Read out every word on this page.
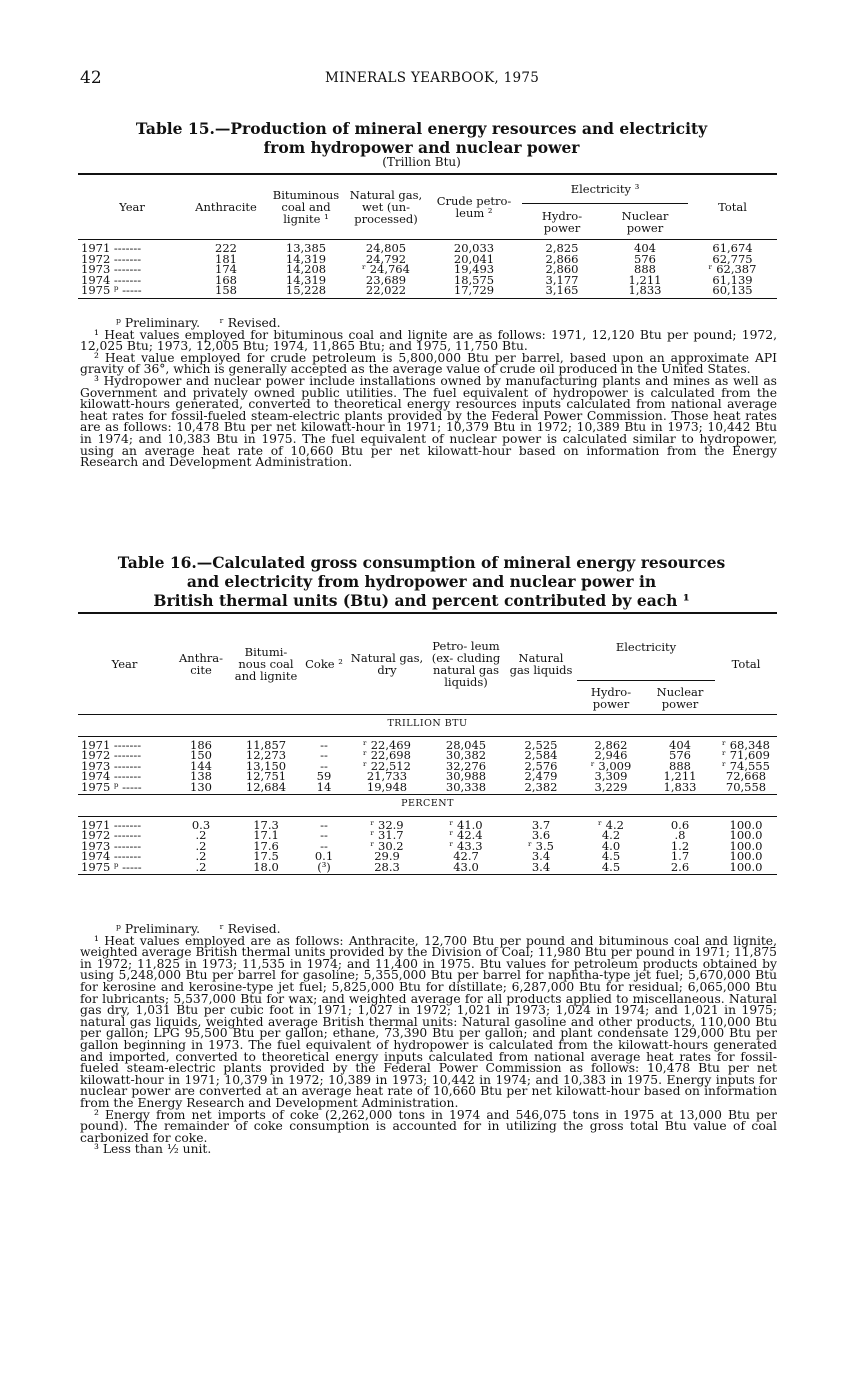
42	MINERALS YEARBOOK, 1975
Table 15.—Production of mineral energy resources and electricity
from hydropower and nuclear power
(Trillion Btu)
Year	Anthracite	Bituminous coal and lignite ¹	Natural gas, wet (un- processed)	Crude petro- leum ²	Electricity ³		Total
					Hydro- power	Nuclear power	
1971 -------	222	13,385	24,805	20,033	2,825	404	61,674
1972 -------	181	14,319	24,792	20,041	2,866	576	62,775
1973 -------	174	14,208	ʳ 24,764	19,493	2,860	888	ʳ 62,387
1974 -------	168	14,319	23,689	18,575	3,177	1,211	61,139
1975 ᵖ -----	158	15,228	22,022	17,729	3,165	1,833	60,135

ᵖ Preliminary.     ʳ Revised.

¹ Heat values employed for bituminous coal and lignite are as follows: 1971, 12,120 Btu per pound; 1972, 12,025 Btu; 1973, 12,005 Btu; 1974, 11,865 Btu; and 1975, 11,750 Btu.

² Heat value employed for crude petroleum is 5,800,000 Btu per barrel, based upon an approximate API gravity of 36°, which is generally accepted as the average value of crude oil produced in the United States.

³ Hydropower and nuclear power include installations owned by manufacturing plants and mines as well as Government and privately owned public utilities. The fuel equivalent of hydropower is calculated from the kilowatt-hours generated, converted to theoretical energy resources inputs calculated from national average heat rates for fossil-fueled steam-electric plants provided by the Federal Power Commission. Those heat rates are as follows: 10,478 Btu per net kilowatt-hour in 1971; 10,379 Btu in 1972; 10,389 Btu in 1973; 10,442 Btu in 1974; and 10,383 Btu in 1975. The fuel equivalent of nuclear power is calculated similar to hydropower, using an average heat rate of 10,660 Btu per net kilowatt-hour based on information from the Energy Research and Development Administration.

Table 16.—Calculated gross consumption of mineral energy resources
and electricity from hydropower and nuclear power in
British thermal units (Btu) and percent contributed by each ¹
Year	Anthra- cite	Bitumi- nous coal and lignite	Coke ²	Natural gas, dry	Petro- leum (ex- cluding natural gas liquids)	Natural gas liquids	Electricity		Total
							Hydro- power	Nuclear power	
TRILLION BTU									
1971 -------	186	11,857	--	ʳ 22,469	28,045	2,525	2,862	404	ʳ 68,348
1972 -------	150	12,273	--	ʳ 22,698	30,382	2,584	2,946	576	ʳ 71,609
1973 -------	144	13,150	--	ʳ 22,512	32,276	2,576	ʳ 3,009	888	ʳ 74,555
1974 -------	138	12,751	59	21,733	30,988	2,479	3,309	1,211	72,668
1975 ᵖ -----	130	12,684	14	19,948	30,338	2,382	3,229	1,833	70,558
PERCENT									
1971 -------	0.3	17.3	--	ʳ 32.9	ʳ 41.0	3.7	ʳ 4.2	0.6	100.0
1972 -------	.2	17.1	--	ʳ 31.7	ʳ 42.4	3.6	4.2	.8	100.0
1973 -------	.2	17.6	--	ʳ 30.2	ʳ 43.3	ʳ 3.5	4.0	1.2	100.0
1974 -------	.2	17.5	0.1	29.9	42.7	3.4	4.5	1.7	100.0
1975 ᵖ -----	.2	18.0	(³)	28.3	43.0	3.4	4.5	2.6	100.0

ᵖ Preliminary.     ʳ Revised.

¹ Heat values employed are as follows: Anthracite, 12,700 Btu per pound and bituminous coal and lignite, weighted average British thermal units provided by the Division of Coal; 11,980 Btu per pound in 1971; 11,875 in 1972; 11,825 in 1973; 11,535 in 1974; and 11,400 in 1975. Btu values for petroleum products obtained by using 5,248,000 Btu per barrel for gasoline; 5,355,000 Btu per barrel for naphtha-type jet fuel; 5,670,000 Btu for kerosine and kerosine-type jet fuel; 5,825,000 Btu for distillate; 6,287,000 Btu for residual; 6,065,000 Btu for lubricants; 5,537,000 Btu for wax; and weighted average for all products applied to miscellaneous. Natural gas dry, 1,031 Btu per cubic foot in 1971; 1,027 in 1972; 1,021 in 1973; 1,024 in 1974; and 1,021 in 1975; natural gas liquids, weighted average British thermal units: Natural gasoline and other products, 110,000 Btu per gallon; LPG 95,500 Btu per gallon; ethane, 73,390 Btu per gallon; and plant condensate 129,000 Btu per gallon beginning in 1973. The fuel equivalent of hydropower is calculated from the kilowatt-hours generated and imported, converted to theoretical energy inputs calculated from national average heat rates for fossil-fueled steam-electric plants provided by the Federal Power Commission as follows: 10,478 Btu per net kilowatt-hour in 1971; 10,379 in 1972; 10,389 in 1973; 10,442 in 1974; and 10,383 in 1975. Energy inputs for nuclear power are converted at an average heat rate of 10,660 Btu per net kilowatt-hour based on information from the Energy Research and Development Administration.

² Energy from net imports of coke (2,262,000 tons in 1974 and 546,075 tons in 1975 at 13,000 Btu per pound). The remainder of coke consumption is accounted for in utilizing the gross total Btu value of coal carbonized for coke.

³ Less than ½ unit.
